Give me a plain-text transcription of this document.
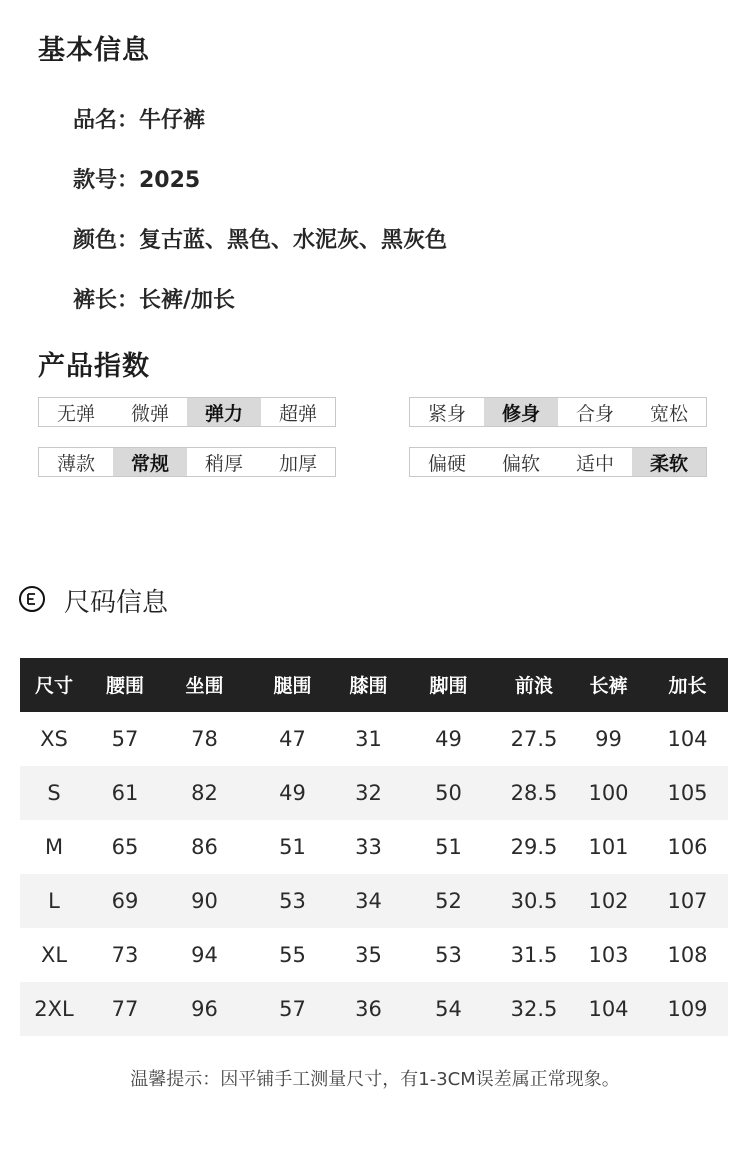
基本信息
品名：牛仔裤
款号：2025
颜色：复古蓝、黑色、水泥灰、黑灰色
裤长：长裤/加长
产品指数
无弹	微弹	弹力	超弹	紧身	修身	合身	宽松
薄款	常规	稍厚	加厚	偏硬	偏软	适中	柔软
尺码信息
尺寸	腰围	坐围	腿围	膝围	脚围	前浪	长裤	加长
XS	57	78	47	31	49	27.5	99	104
S	61	82	49	32	50	28.5	100	105
M	65	86	51	33	51	29.5	101	106
L	69	90	53	34	52	30.5	102	107
XL	73	94	55	35	53	31.5	103	108
2XL	77	96	57	36	54	32.5	104	109
温馨提示：因平铺手工测量尺寸，有1-3CM误差属正常现象。
